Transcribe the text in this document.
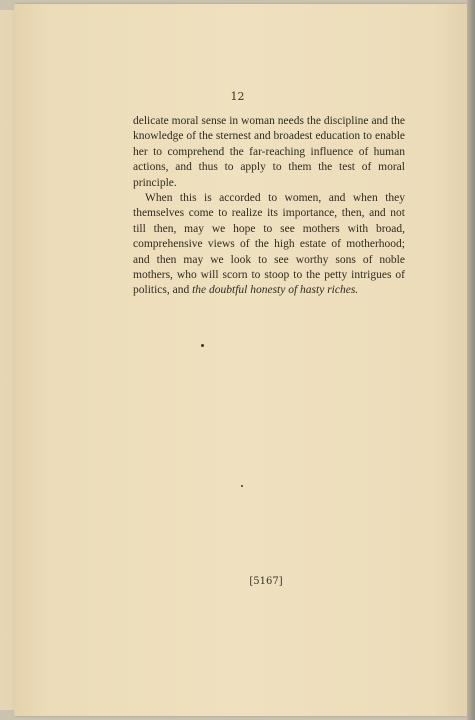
12

delicate moral sense in woman needs the discipline and the knowledge of the sternest and broadest education to enable her to comprehend the far-reaching influence of human actions, and thus to apply to them the test of moral principle.

When this is accorded to women, and when they themselves come to realize its importance, then, and not till then, may we hope to see mothers with broad, comprehensive views of the high estate of motherhood; and then may we look to see worthy sons of noble mothers, who will scorn to stoop to the petty intrigues of politics, and the doubtful honesty of hasty riches.

[5167]
